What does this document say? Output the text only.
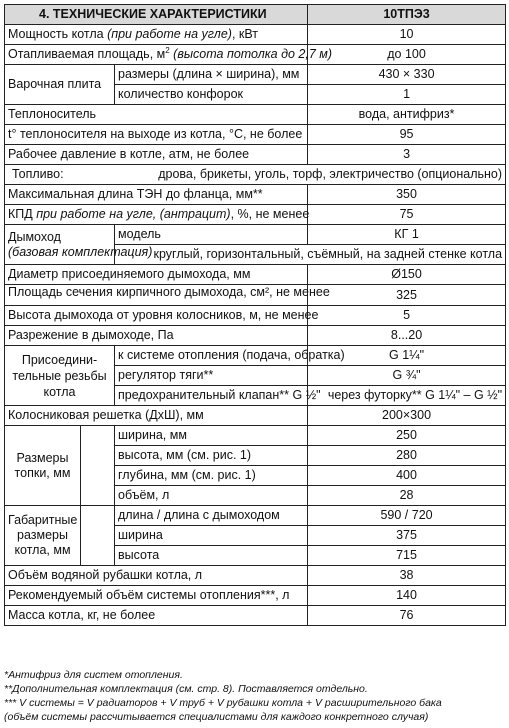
4. ТЕХНИЧЕСКИЕ ХАРАКТЕРИСТИКИ			10ТПЭ3
Мощность котла (при работе на угле), кВт			10
Отапливаемая площадь, $м^2$ (высота потолка до 2,7 м)			до 100
Варочная плита		размеры (длина × ширина), мм	430 × 330
		количество конфорок	1
Теплоноситель			вода, антифриз*
t° теплоносителя на выходе из котла, °С, не более			95
Рабочее давление в котле, атм, не более			3
Топливо: дрова, брикеты, уголь, торф, электричество (опционально)			

Максимальная длина ТЭН до фланца, мм**			350
КПД при работе на угле, (антрацит), %, не менее			75

Дымоход
(базовая комплектация)		модель	КГ 1
		круглый, горизонтальный, съёмный, на задней стенке котла	
Диаметр присоединяемого дымохода, мм			Ø150
Площадь сечения кирпичного дымохода, см², не менее			325
Высота дымохода от уровня колосников, м, не менее			5
Разрежение в дымоходе, Па			8...20
Присоедини-тельные резьбы котла		к системе отопления (подача, обратка)	G 1¼"
		регулятор тяги**	G ¾"
		предохранительный клапан** G ½"	через футорку** G 1¼" – G ½"
Колосниковая решетка (ДхШ), мм			200×300
Размеры топки, мм		ширина, мм	250
		высота, мм (см. рис. 1)	280
		глубина, мм (см. рис. 1)	400
		объём, л	28
Габаритные размеры котла, мм		длина / длина с дымоходом	590 / 720
		ширина	375
		высота	715
Объём водяной рубашки котла, л			38
Рекомендуемый объём системы отопления***, л			140
Масса котла, кг, не более			76
*Антифриз для систем отопления.
**Дополнительная комплектация (см. стр. 8). Поставляется отдельно.
*** V системы = V радиаторов + V труб + V рубашки котла + V расширительного бака
(объём системы рассчитывается специалистами для каждого конкретного случая)
